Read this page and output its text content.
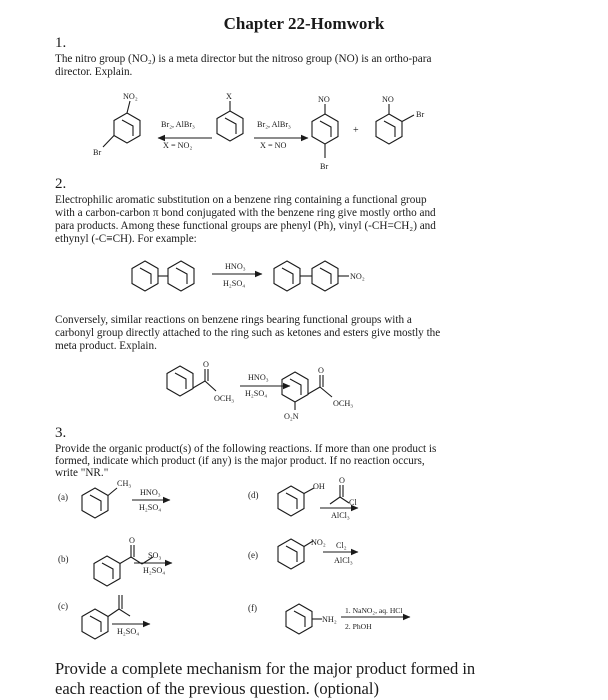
Chapter 22-Homwork
1.
The nitro group (NO₂) is a meta director but the nitroso group (NO) is an ortho-para
director. Explain.
2.
Electrophilic aromatic substitution on a benzene ring containing a functional group
with a carbon-carbon π bond conjugated with the benzene ring give mostly ortho and
para products. Among these functional groups are phenyl (Ph), vinyl (-CH=CH₂) and
ethynyl (-C≡CH). For example:
Conversely, similar reactions on benzene rings bearing functional groups with a
carbonyl group directly attached to the ring such as ketones and esters give mostly the
meta product. Explain.
3.
Provide the organic product(s) of the following reactions. If more than one product is
formed, indicate which product (if any) is the major product. If no reaction occurs,
write "NR."
Provide a complete mechanism for the major product formed in
each reaction of the previous question. (optional)
NO₂
Br
Br₂, AlBr₃
X = NO₂
X
Br₂, AlBr₃
X = NO
NO
Br
+
NO
Br
HNO₃
H₂SO₄
NO₂
O
OCH₃
HNO₃
H₂SO₄
O
OCH₃
O₂N
(a)
CH₃
HNO₃
H₂SO₄
(b)
O
SO₃
H₂SO₄
(c)
H₂SO₄
(d)
OH
O
Cl
AlCl₃
(e)
NO₂ Cl₂
AlCl₃
(f)
NH₂
1. NaNO₂, aq. HCl
2. PhOH
